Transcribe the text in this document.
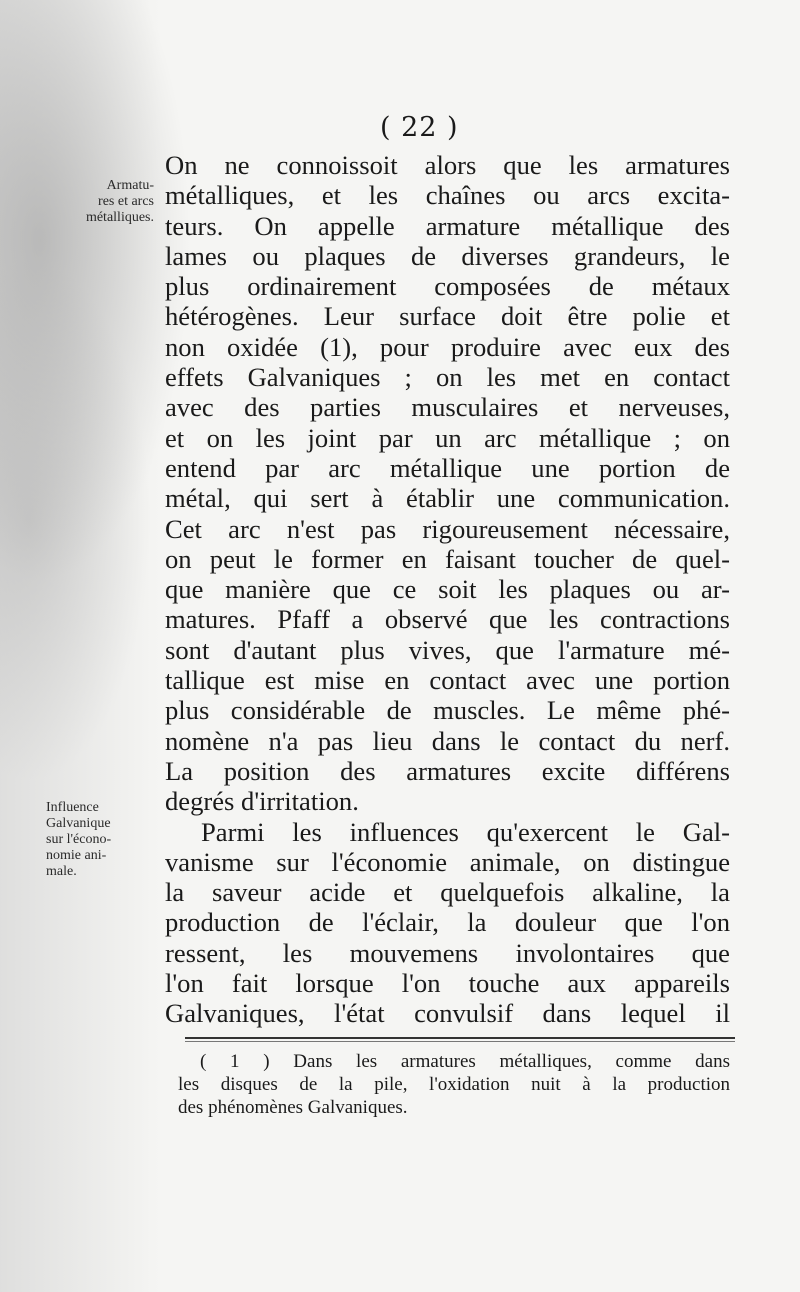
( 22 )
Armatu-
res et arcs
métalliques.
Influence
Galvanique
sur l'écono-
nomie ani-
male.
On ne connoissoit alors que les armatures
métalliques, et les chaînes ou arcs excita-
teurs. On appelle armature métallique des
lames ou plaques de diverses grandeurs, le
plus ordinairement composées de métaux
hétérogènes. Leur surface doit être polie et
non oxidée (1), pour produire avec eux des
effets Galvaniques ; on les met en contact
avec des parties musculaires et nerveuses,
et on les joint par un arc métallique ; on
entend par arc métallique une portion de
métal, qui sert à établir une communication.
Cet arc n'est pas rigoureusement nécessaire,
on peut le former en faisant toucher de quel-
que manière que ce soit les plaques ou ar-
matures. Pfaff a observé que les contractions
sont d'autant plus vives, que l'armature mé-
tallique est mise en contact avec une portion
plus considérable de muscles. Le même phé-
nomène n'a pas lieu dans le contact du nerf.
La position des armatures excite différens
degrés d'irritation.
Parmi les influences qu'exercent le Gal-
vanisme sur l'économie animale, on distingue
la saveur acide et quelquefois alkaline, la
production de l'éclair, la douleur que l'on
ressent, les mouvemens involontaires que
l'on fait lorsque l'on touche aux appareils
Galvaniques, l'état convulsif dans lequel il
( 1 ) Dans les armatures métalliques, comme dans
les disques de la pile, l'oxidation nuit à la production
des phénomènes Galvaniques.
